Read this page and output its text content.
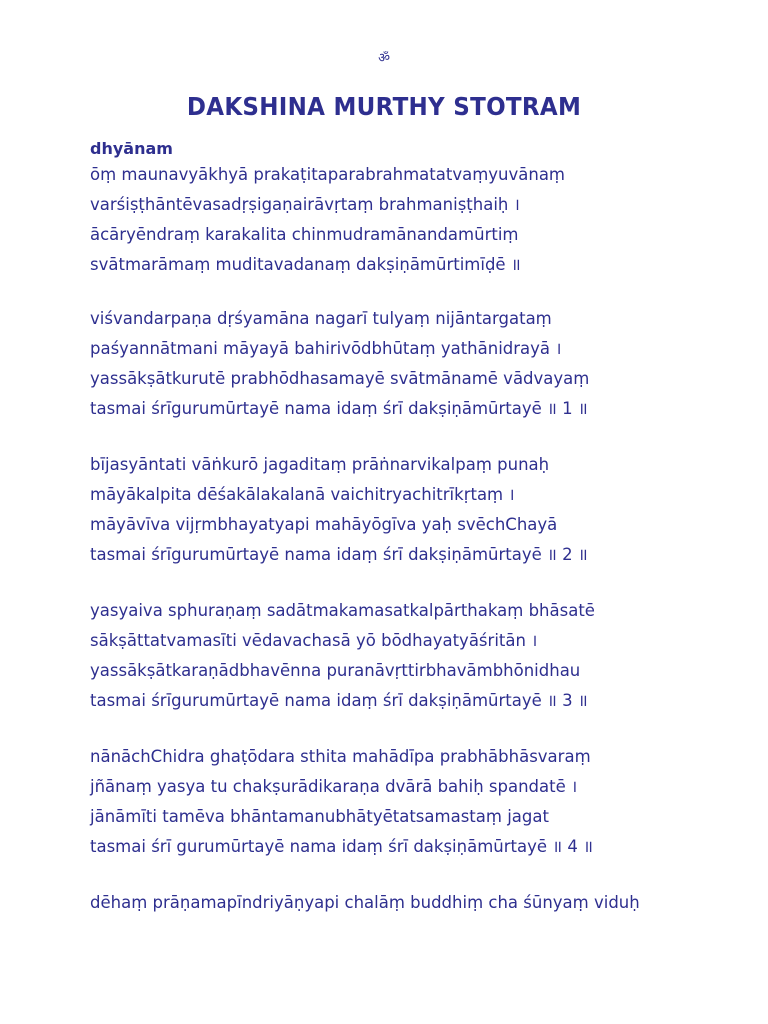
ॐ
DAKSHINA MURTHY STOTRAM

dhyānam

ōṃ maunavyākhyā prakaṭitaparabrahmatatvaṃyuvānaṃ

varśiṣṭhāntēvasadṛṣigaṇairāvṛtaṃ brahmaniṣṭhaiḥ ।

ācāryēndraṃ karakalita chinmudramānandamūrtiṃ

svātmarāmaṃ muditavadanaṃ dakṣiṇāmūrtimīḍē ॥

viśvandarpaṇa dṛśyamāna nagarī tulyaṃ nijāntargataṃ

paśyannātmani māyayā bahirivōdbhūtaṃ yathānidrayā ।

yassākṣātkurutē prabhōdhasamayē svātmānamē vādvayaṃ

tasmai śrīgurumūrtayē nama idaṃ śrī dakṣiṇāmūrtayē ॥ 1 ॥

bījasyāntati vāṅkurō jagaditaṃ prāṅnarvikalpaṃ punaḥ

māyākalpita dēśakālakalanā vaichitryachitrīkṛtaṃ ।

māyāvīva vijṛmbhayatyapi mahāyōgīva yaḥ svēchChayā

tasmai śrīgurumūrtayē nama idaṃ śrī dakṣiṇāmūrtayē ॥ 2 ॥

yasyaiva sphuraṇaṃ sadātmakamasatkalpārthakaṃ bhāsatē

sākṣāttatvamasīti vēdavachasā yō bōdhayatyāśritān ।

yassākṣātkaraṇādbhavēnna puranāvṛttirbhavāmbhōnidhau

tasmai śrīgurumūrtayē nama idaṃ śrī dakṣiṇāmūrtayē ॥ 3 ॥

nānāchChidra ghaṭōdara sthita mahādīpa prabhābhāsvaraṃ

jñānaṃ yasya tu chakṣurādikaraṇa dvārā bahiḥ spandatē ।

jānāmīti tamēva bhāntamanubhātyētatsamastaṃ jagat

tasmai śrī gurumūrtayē nama idaṃ śrī dakṣiṇāmūrtayē ॥ 4 ॥

dēhaṃ prāṇamapīndriyāṇyapi chalāṃ buddhiṃ cha śūnyaṃ viduḥ
